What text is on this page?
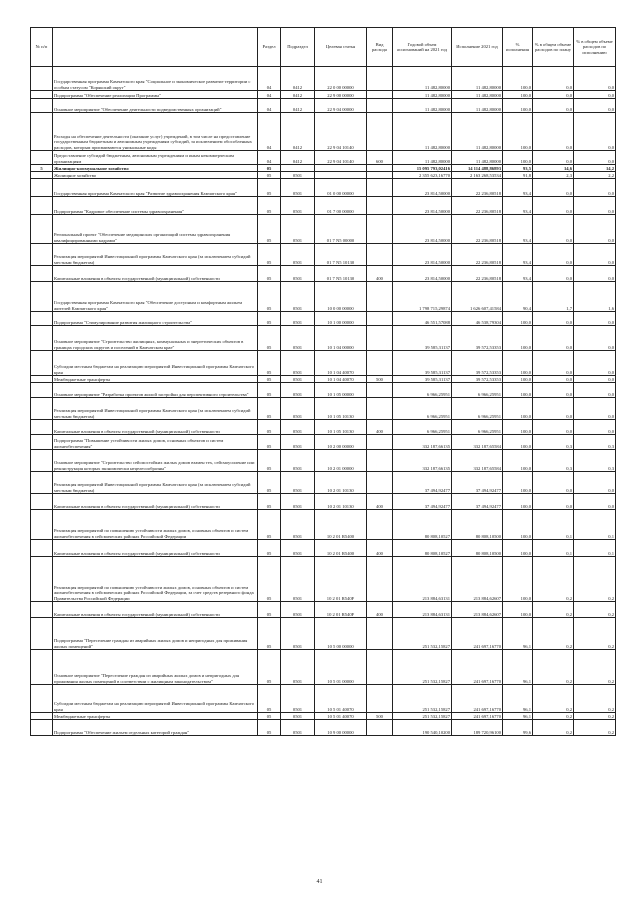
№ п/п		Раздел	Подраздел	Целевая статья	Вид расхода	Годовой объем ассигнований на 2021 год	Исполнение 2021 год	% исполнения	% в общем объеме расходов по плану	% в общем объеме расходов по исполнению
	Государственная программа Камчатского края "Социальное и экономическое развитие территории с особым статусом "Корякский округ"	04	0412	22 0 00 00000		11 482,80000	11 482,80000	100,0	0,0	0,0
	Подпрограмма "Обеспечение реализации Программы"	04	0412	22 9 00 00000		11 482,80000	11 482,80000	100,0	0,0	0,0
	Основное мероприятие "Обеспечение деятельности подведомственных организаций"	04	0412	22 9 04 00000		11 482,80000	11 482,80000	100,0	0,0	0,0
	Расходы на обеспечение деятельности (оказание услуг) учреждений, в том числе на предоставление государственным бюджетным и автономным учреждениям субсидий, за исключением обособленных расходов, которым присваиваются уникальные коды	04	0412	22 9 04 10140		11 482,80000	11 482,80000	100,0	0,0	0,0
	Предоставление субсидий бюджетным, автономным учреждениям и иным некоммерческим организациям	04	0412	22 9 04 10140	600	11 482,80000	11 482,80000	100,0	0,0	0,0
5	Жилищно-коммунальное хозяйство	05				15 095 793,02416	14 114 488,86893	93,5	14,6	14,2
	Жилищное хозяйство	05	0501			2 355 623,16770	2 163 268,53534	91,8	2,3	2,2
	Государственная программа Камчатского края "Развитие здравоохранения Камчатского края"	05	0501	01 0 00 00000		23 814,50000	22 236,80518	93,4	0,0	0,0
	Подпрограмма "Кадровое обеспечение системы здравоохранения"	05	0501	01 7 00 00000		23 814,50000	22 236,80518	93,4	0,0	0,0
	Региональный проект "Обеспечение медицинских организаций системы здравоохранения квалифицированными кадрами"	05	0501	01 7 N5 00000		23 814,50000	22 236,80518	93,4	0,0	0,0
	Реализация мероприятий Инвестиционной программы Камчатского края (за исключением субсидий местным бюджетам)	05	0501	01 7 N5 10130		23 814,50000	22 236,80518	93,4	0,0	0,0
	Капитальные вложения в объекты государственной (муниципальной) собственности	05	0501	01 7 N5 10130	400	23 814,50000	22 236,80518	93,4	0,0	0,0
	Государственная программа Камчатского края "Обеспечение доступным и комфортным жильем жителей Камчатского края"	05	0501	10 0 00 00000		1 798 715,29874	1 626 607,41584	90,4	1,7	1,6
	Подпрограмма "Стимулирование развития жилищного строительства"	05	0501	10 1 00 00000		46 551,57088	46 538,79304	100,0	0,0	0,0
	Основное мероприятие "Строительство жилищных, коммунальных и энергетических объектов в границах городских округов и поселений в Камчатском крае"	05	0501	10 1 04 00000		39 585,31137	39 572,53353	100,0	0,0	0,0
	Субсидии местным бюджетам на реализацию мероприятий Инвестиционной программы Камчатского края	05	0501	10 1 04 40070		39 585,31137	39 572,53353	100,0	0,0	0,0
	Межбюджетные трансферты	05	0501	10 1 04 40070	500	39 585,31137	39 572,53353	100,0	0,0	0,0
	Основное мероприятие "Разработка проектов жилой застройки для перспективного строительства"	05	0501	10 1 05 00000		6 966,25951	6 966,25951	100,0	0,0	0,0
	Реализация мероприятий Инвестиционной программы Камчатского края (за исключением субсидий местным бюджетам)	05	0501	10 1 05 10130		6 966,25951	6 966,25951	100,0	0,0	0,0
	Капитальные вложения в объекты государственной (муниципальной) собственности	05	0501	10 1 05 10130	400	6 966,25951	6 966,25951	100,0	0,0	0,0
	Подпрограмма "Повышение устойчивости жилых домов, основных объектов и систем жизнеобеспечения"	05	0501	10 2 00 00000		332 187,66135	332 187,65584	100,0	0,3	0,3
	Основное мероприятие "Строительство сейсмостойких жилых домов взамен тех, сейсмоусиление или реконструкция которых экономически нецелесообразны"	05	0501	10 2 01 00000		332 187,66135	332 187,65584	100,0	0,3	0,3
	Реализация мероприятий Инвестиционной программы Камчатского края (за исключением субсидий местным бюджетам)	05	0501	10 2 01 10130		37 494,92477	37 494,92477	100,0	0,0	0,0
	Капитальные вложения в объекты государственной (муниципальной) собственности	05	0501	10 2 01 10130	400	37 494,92477	37 494,92477	100,0	0,0	0,0
	Реализация мероприятий по повышению устойчивости жилых домов, основных объектов и систем жизнеобеспечения в сейсмических районах Российской Федерации	05	0501	10 2 01 R5400		80 808,10527	80 808,10500	100,0	0,1	0,1
	Капитальные вложения в объекты государственной (муниципальной) собственности	05	0501	10 2 01 R5400	400	80 808,10527	80 808,10500	100,0	0,1	0,1
	Реализация мероприятий по повышению устойчивости жилых домов, основных объектов и систем жизнеобеспечения в сейсмических районах Российской Федерации, за счет средств резервного фонда Правительства Российской Федерации	05	0501	10 2 01 R540F		213 884,63131	213 884,62607	100,0	0,2	0,2
	Капитальные вложения в объекты государственной (муниципальной) собственности	05	0501	10 2 01 R540F	400	213 884,63131	213 884,62607	100,0	0,2	0,2
	Подпрограмма "Переселение граждан из аварийных жилых домов и непригодных для проживания жилых помещений"	05	0501	10 5 00 00000		251 532,15827	241 697,16770	96,1	0,2	0,2
	Основное мероприятие "Переселение граждан из аварийных жилых домов и непригодных для проживания жилых помещений в соответствии с жилищным законодательством"	05	0501	10 5 01 00000		251 532,15827	241 697,16770	96,1	0,2	0,2
	Субсидии местным бюджетам на реализацию мероприятий Инвестиционной программы Камчатского края	05	0501	10 5 01 40070		251 532,15827	241 697,16770	96,1	0,2	0,2
	Межбюджетные трансферты	05	0501	10 5 01 40070	500	251 532,15827	241 697,16770	96,1	0,2	0,2
	Подпрограмма "Обеспечение жильем отдельных категорий граждан"	05	0501	10 9 00 00000		190 540,10200	189 720,96100	99,6	0,2	0,2
41
